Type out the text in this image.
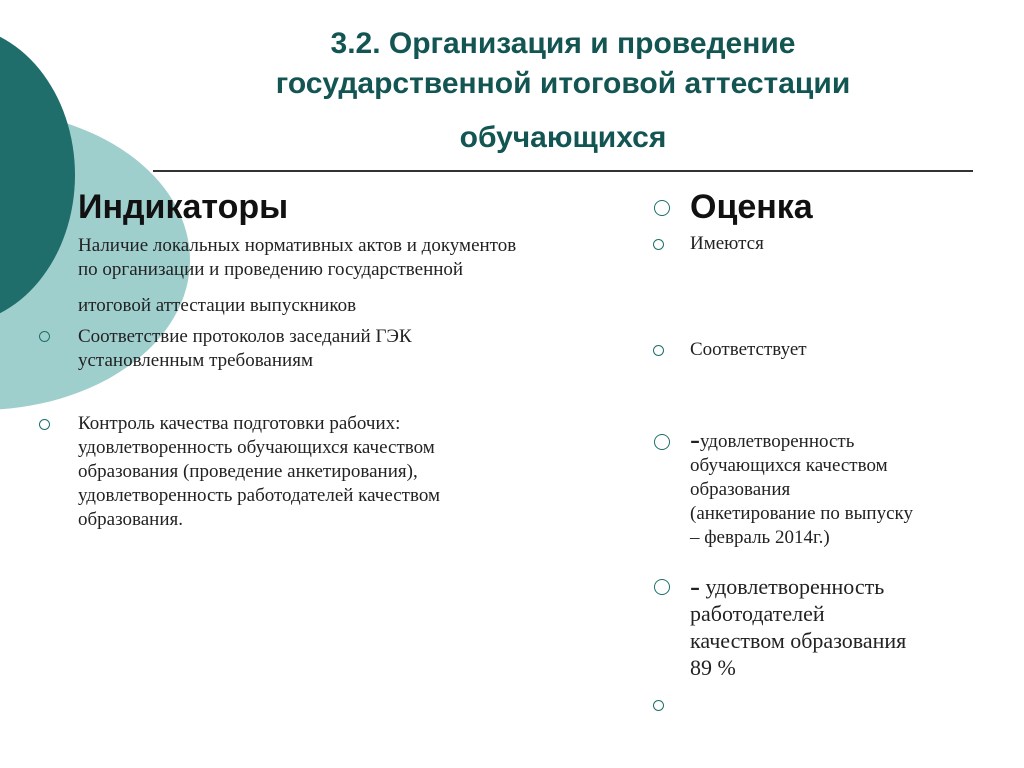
3.2. Организация и проведение
государственной итоговой аттестации
обучающихся
Индикаторы
Наличие локальных нормативных актов и документов
по организации и проведению государственной
итоговой аттестации выпускников
Соответствие протоколов заседаний ГЭК
установленным требованиям
Контроль качества подготовки рабочих:
удовлетворенность обучающихся качеством
образования (проведение анкетирования),
удовлетворенность работодателей качеством
образования.
Оценка
Имеются
Соответствует
-удовлетворенность
обучающихся качеством
образования
(анкетирование по выпуску
– февраль 2014г.)
- удовлетворенность
работодателей
качеством образования
89 %
